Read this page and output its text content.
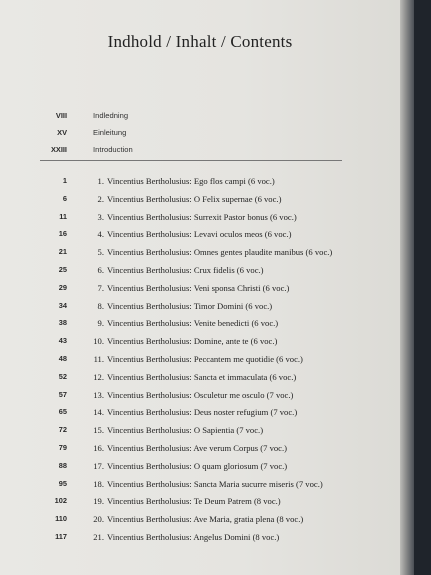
Indhold / Inhalt / Contents
VIII	Indledning
XV	Einleitung
XXIII	Introduction
1	1. Vincentius Bertholusius: Ego flos campi (6 voc.)
6	2. Vincentius Bertholusius: O Felix supernae (6 voc.)
11	3. Vincentius Bertholusius: Surrexit Pastor bonus (6 voc.)
16	4. Vincentius Bertholusius: Levavi oculos meos (6 voc.)
21	5. Vincentius Bertholusius: Omnes gentes plaudite manibus (6 voc.)
25	6. Vincentius Bertholusius: Crux fidelis (6 voc.)
29	7. Vincentius Bertholusius: Veni sponsa Christi (6 voc.)
34	8. Vincentius Bertholusius: Timor Domini (6 voc.)
38	9. Vincentius Bertholusius: Venite benedicti (6 voc.)
43	10. Vincentius Bertholusius: Domine, ante te (6 voc.)
48	11. Vincentius Bertholusius: Peccantem me quotidie (6 voc.)
52	12. Vincentius Bertholusius: Sancta et immaculata (6 voc.)
57	13. Vincentius Bertholusius: Osculetur me osculo (7 voc.)
65	14. Vincentius Bertholusius: Deus noster refugium (7 voc.)
72	15. Vincentius Bertholusius: O Sapientia (7 voc.)
79	16. Vincentius Bertholusius: Ave verum Corpus (7 voc.)
88	17. Vincentius Bertholusius: O quam gloriosum (7 voc.)
95	18. Vincentius Bertholusius: Sancta Maria sucurre miseris (7 voc.)
102	19. Vincentius Bertholusius: Te Deum Patrem (8 voc.)
110	20. Vincentius Bertholusius: Ave Maria, gratia plena (8 voc.)
117	21. Vincentius Bertholusius: Angelus Domini (8 voc.)
